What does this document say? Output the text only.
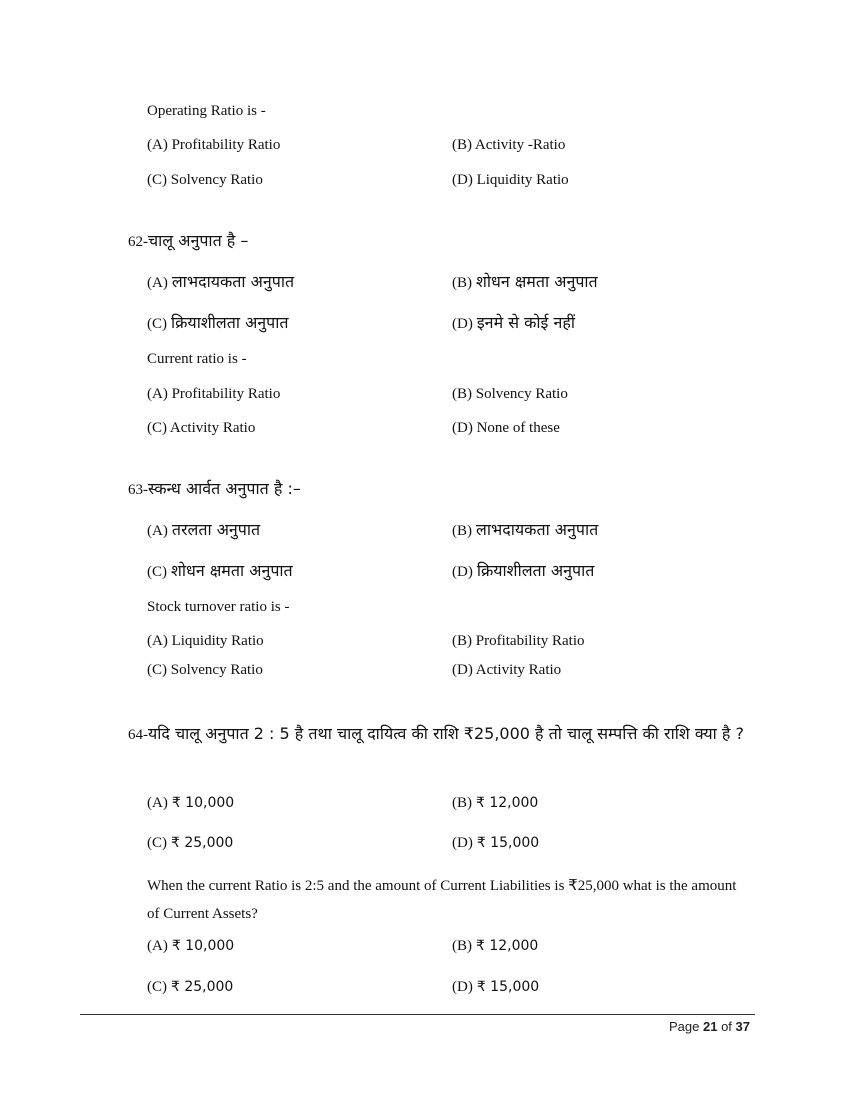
Operating Ratio is -
(A) Profitability Ratio	(B) Activity -Ratio
(C) Solvency Ratio	(D) Liquidity Ratio
62-चालू अनुपात है –
(A) लाभदायकता अनुपात	(B) शोधन क्षमता अनुपात
(C) क्रियाशीलता अनुपात	(D) इनमे से कोई नहीं
Current ratio is -
(A) Profitability Ratio	(B) Solvency Ratio
(C) Activity Ratio	(D) None of these
63-स्कन्ध आर्वत अनुपात है :–
(A) तरलता अनुपात	(B) लाभदायकता अनुपात
(C) शोधन क्षमता अनुपात	(D) क्रियाशीलता अनुपात
Stock turnover ratio is -
(A) Liquidity Ratio	(B) Profitability Ratio
(C) Solvency Ratio	(D) Activity Ratio
64-यदि चालू अनुपात 2 : 5 है तथा चालू दायित्व की राशि ₹25,000 है तो चालू सम्पत्ति की राशि क्या है ?
(A) ₹ 10,000	(B) ₹ 12,000
(C) ₹ 25,000	(D) ₹ 15,000
When the current Ratio is 2:5 and the amount of Current Liabilities is ₹25,000 what is the amount of Current Assets?
(A) ₹ 10,000	(B) ₹ 12,000
(C) ₹ 25,000	(D) ₹ 15,000
Page 21 of 37
